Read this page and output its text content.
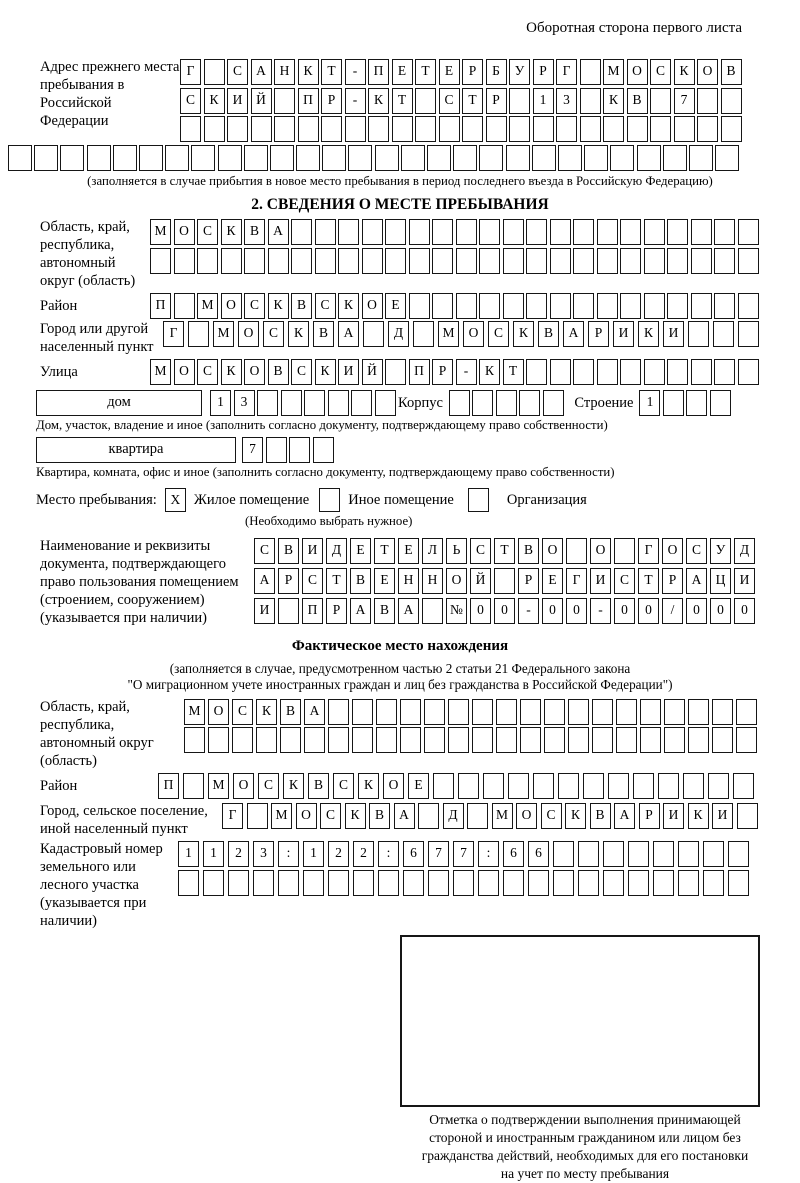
Оборотная сторона первого листа
Адрес прежнего места пребывания в Российской Федерации
Г	С А Н К Т - П Е Т Е Р Б У Р Г	М О С К О В
С К И Й	П Р - К Т	С Т Р	1 3	К В	7
(заполняется в случае прибытия в новое место пребывания в период последнего въезда в Российскую Федерацию)
2. СВЕДЕНИЯ О МЕСТЕ ПРЕБЫВАНИЯ
Область, край, республика, автономный округ (область)
М О С К В А
Район	П	М О С К В С К О Е
Город или другой населенный пункт
Г	М О С К В А	Д	М О С К В А Р И К И
Улица	М О С К О В С К И Й	П Р - К Т
дом	1 3	Корпус	Строение 1
Дом, участок, владение и иное (заполнить согласно документу, подтверждающему право собственности)
квартира	7
Квартира, комната, офис и иное (заполнить согласно документу, подтверждающему право собственности)
Место пребывания:	X Жилое помещение	Иное помещение	Организация
(Необходимо выбрать нужное)
Наименование и реквизиты документа, подтверждающего право пользования помещением (строением, сооружением) (указывается при наличии)
С В И Д Е Т Е Л Ь С Т В О	О	Г О С У Д
А Р С Т В Е Н Н О Й	Р Е Г И С Т Р А Ц И
И	П Р А В А	№ 0 0 - 0 0 - 0 0 / 0 0 0
Фактическое место нахождения
(заполняется в случае, предусмотренном частью 2 статьи 21 Федерального закона
"О миграционном учете иностранных граждан и лиц без гражданства в Российской Федерации")
Область, край, республика, автономный округ (область)
М О С К В А
Район	П	М О С К В С К О Е
Город, сельское поселение, иной населенный пункт
Г	М О С К В А	Д	М О С К В А Р И К И
Кадастровый номер земельного или лесного участка (указывается при наличии)
1 1 2 3 : 1 2 2 : 6 7 7 : 6 6
Отметка о подтверждении выполнения принимающей
стороной и иностранным гражданином или лицом без
гражданства действий, необходимых для его постановки
на учет по месту пребывания
